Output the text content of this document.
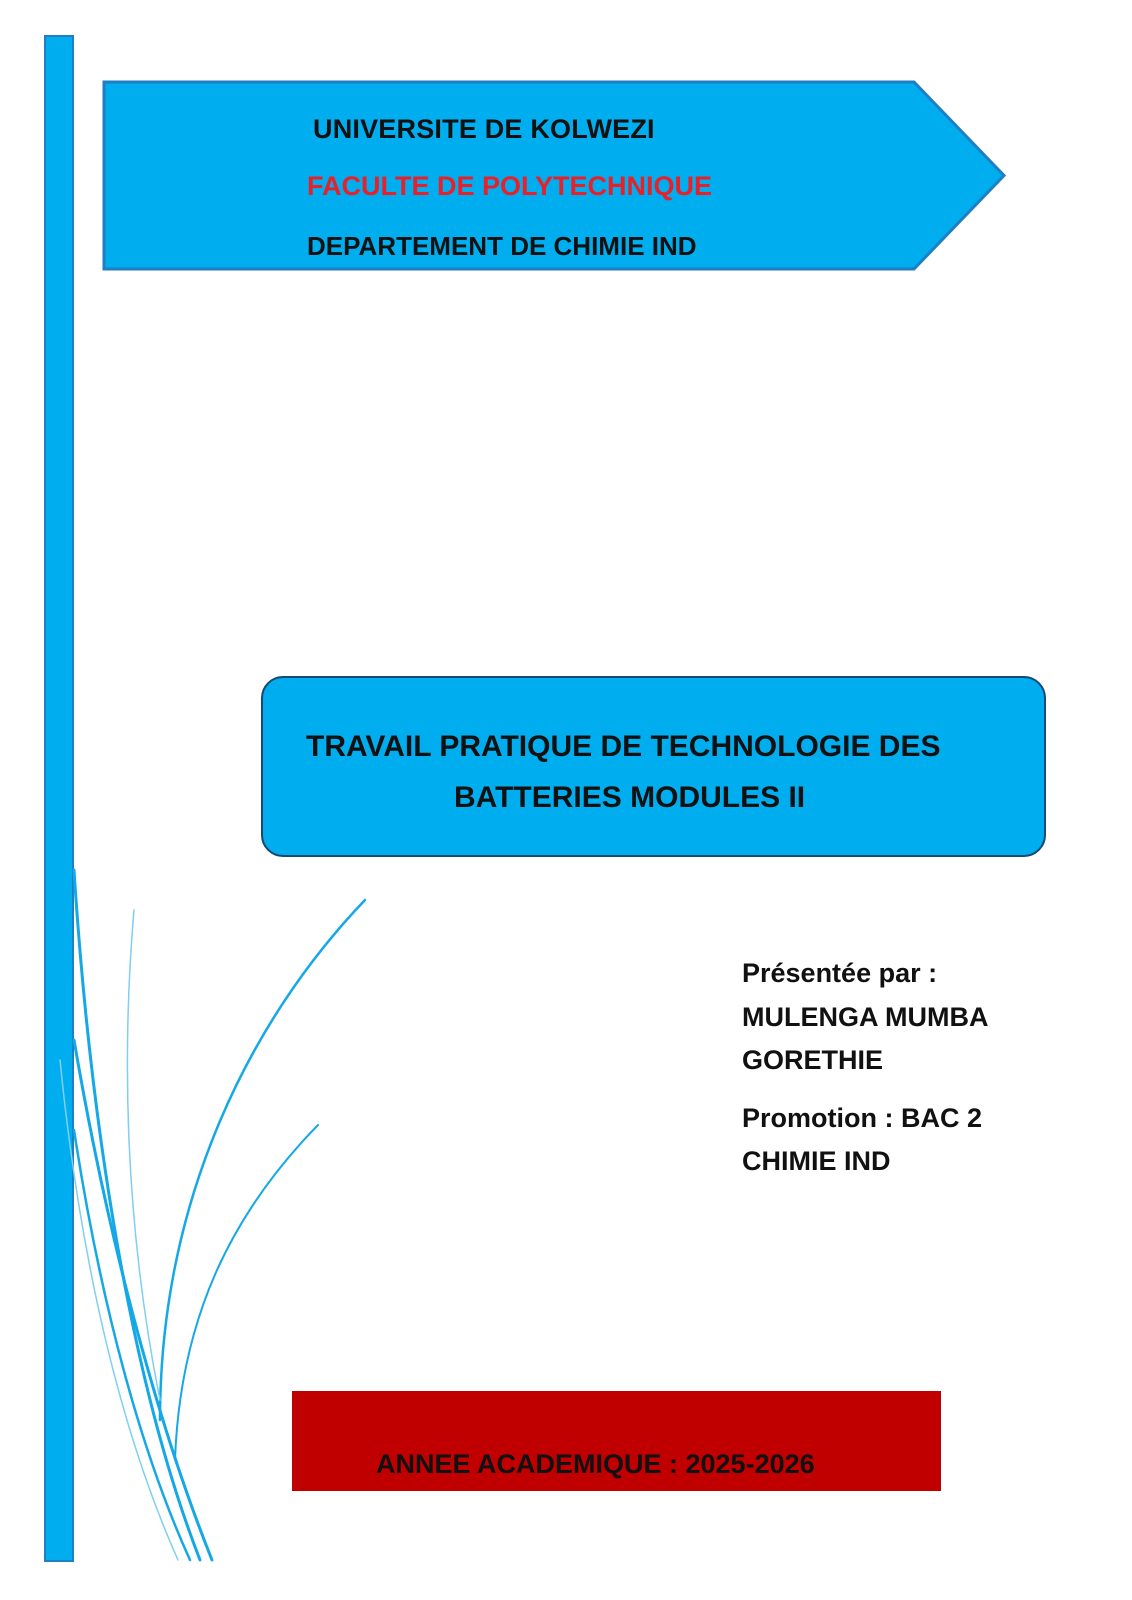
UNIVERSITE DE KOLWEZI
FACULTE DE POLYTECHNIQUE
DEPARTEMENT DE CHIMIE IND
TRAVAIL PRATIQUE DE TECHNOLOGIE DES
BATTERIES MODULES II
Présentée par :
MULENGA MUMBA
GORETHIE
Promotion : BAC 2
CHIMIE IND
ANNEE ACADEMIQUE : 2025-2026
